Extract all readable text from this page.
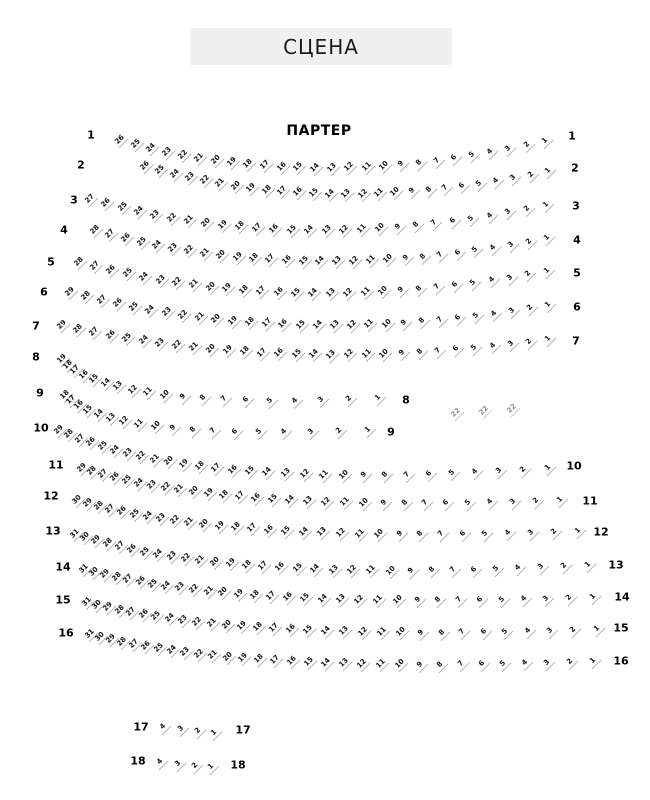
СЦЕНА
ПАРТЕР
1	1
26 25 24 23 22 21 20 19 18 17 16 15 14 13 12 11 10 9	8	7	6	5	4	3	2	1
2	2
26 25 24 23 22 21 20 19 18 17 16 15 14 13 12 11 10 9	8	7	6	5	4	3	2	1
3	3
27 26 25 24 23 22 21 20 19 18 17 16 15 14 13 12 11 10	9	8	7	6	5	4	3	2	1
4
4
28 27 26 25 24 23 22 21 20 19 18 17 16 15 14 13 12 11 10 9	8	7	6	5	4	3	2	1
5
5
28 27 26 25 24 23 22 21 20 19 18 17 16 15 14 13 12 11 10 9	8	7	6	5	4	3	2	1
6
6
29 28 27 26 25 24 23 22 21 20 19 18 17 16 15 14 13 12 11 10 9	8	7	6	5	4	3	2	1
7
7
29 28 27 26 25 24 23 22 21 20 19 18 17 16 15 14 13 12 11 10	9	8	7	6	5	4	3	2	1
8
8
19
18
17
16
15
14 13 12 11 10	9	8	7	6	5	4	3	2	1
9
9
18
17
16
15
14 13 12 11 10 9	8	7	6	5	4	3	2	1
10
10
29
28
27
26 25 24 23 22 21 20 19 18 17 16 15 14 13 12 11	10	9	8	7	6	5	4	3	2	1
11
11
29
28
27
26 25 24 23 22 21 20 19 18 17 16 15 14 13 12 11 10	9	8	7	6	5	4	3	2	1
12
12
30
29
28
27 26 25 24 23 22 21 20 19 18 17 16 15 14 13 12 11	10	9	8	7	6	5	4	3	2	1
13
13
31
30
29
28 27 26 25 24 23 22 21 20 19 18 17 16 15 14 13 12 11	10	9	8	7	6	5	4	3	2	1
14
14
31
30
29
28 27 26 25 24 23 22 21 20 19 18 17 16 15 14 13 12 11 10	9	8	7	6	5	4	3	2	1
15
15
31
30
29
28 27 26 25 24 23 22 21 20 19 18 17 16 15 14 13 12 11 10	9	8	7	6	5	4	3	2	1
16
16
31
30
29
28 27 26 25 24 23 22 21 20 19 18 17 16 15 14 13 12 11 10	9	8	7	6	5	4	3	2	1
17	17
4	3	2	1
18	18
4	3	2	1
22	22	22
